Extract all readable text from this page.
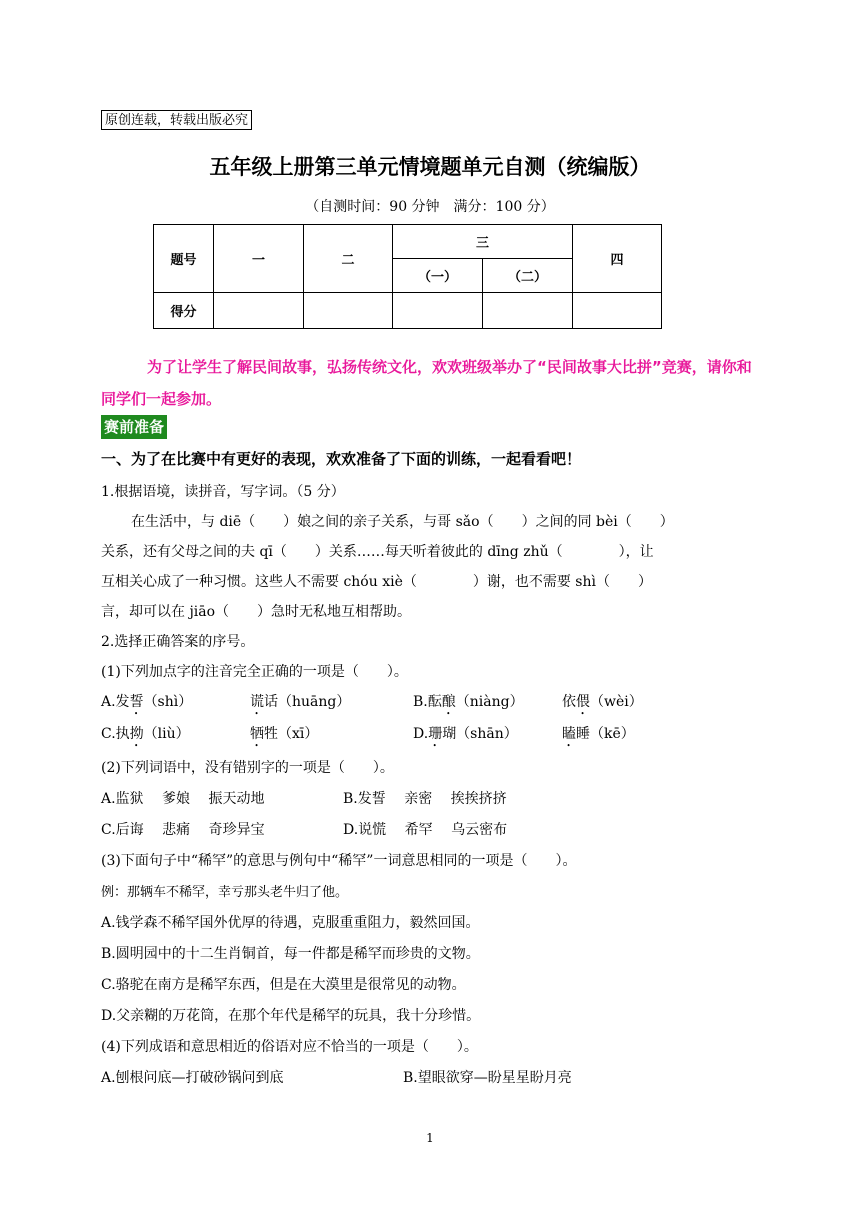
原创连载，转载出版必究
五年级上册第三单元情境题单元自测（统编版）
（自测时间：90 分钟　满分：100 分）
题号	一	二	三		四
			（一）	（二）	
得分					
为了让学生了解民间故事，弘扬传统文化，欢欢班级举办了“民间故事大比拼”竞赛，请你和同学们一起参加。
赛前准备
一、为了在比赛中有更好的表现，欢欢准备了下面的训练，一起看看吧！
1.根据语境，读拼音，写字词。（5 分）
在生活中，与 diē（　　）娘之间的亲子关系，与哥 sǎo（　　）之间的同 bèi（　　）
关系，还有父母之间的夫 qī（　　）关系……每天听着彼此的 dīng zhǔ（　　　　），让
互相关心成了一种习惯。这些人不需要 chóu xiè（　　　　）谢，也不需要 shì（　　）
言，却可以在 jiāo（　　）急时无私地互相帮助。
2.选择正确答案的序号。
(1)下列加点字的注音完全正确的一项是（　　）。
A.发誓（shì）	谎话（huāng）	B.酝酿（niàng）	依偎（wèi）
C.执拗（liù）	牺牲（xī）	D.珊瑚（shān）	瞌睡（kē）
(2)下列词语中，没有错别字的一项是（　　）。
A.监狱　 爹娘　 振天动地	B.发誓　 亲密　 挨挨挤挤
C.后诲　 悲痛　 奇珍异宝	D.说慌　 希罕　 乌云密布
(3)下面句子中“稀罕”的意思与例句中“稀罕”一词意思相同的一项是（　　）。
例：那辆车不稀罕，幸亏那头老牛归了他。
A.钱学森不稀罕国外优厚的待遇，克服重重阻力，毅然回国。
B.圆明园中的十二生肖铜首，每一件都是稀罕而珍贵的文物。
C.骆驼在南方是稀罕东西，但是在大漠里是很常见的动物。
D.父亲糊的万花筒，在那个年代是稀罕的玩具，我十分珍惜。
(4)下列成语和意思相近的俗语对应不恰当的一项是（　　）。
A.刨根问底—打破砂锅问到底	B.望眼欲穿—盼星星盼月亮
1
